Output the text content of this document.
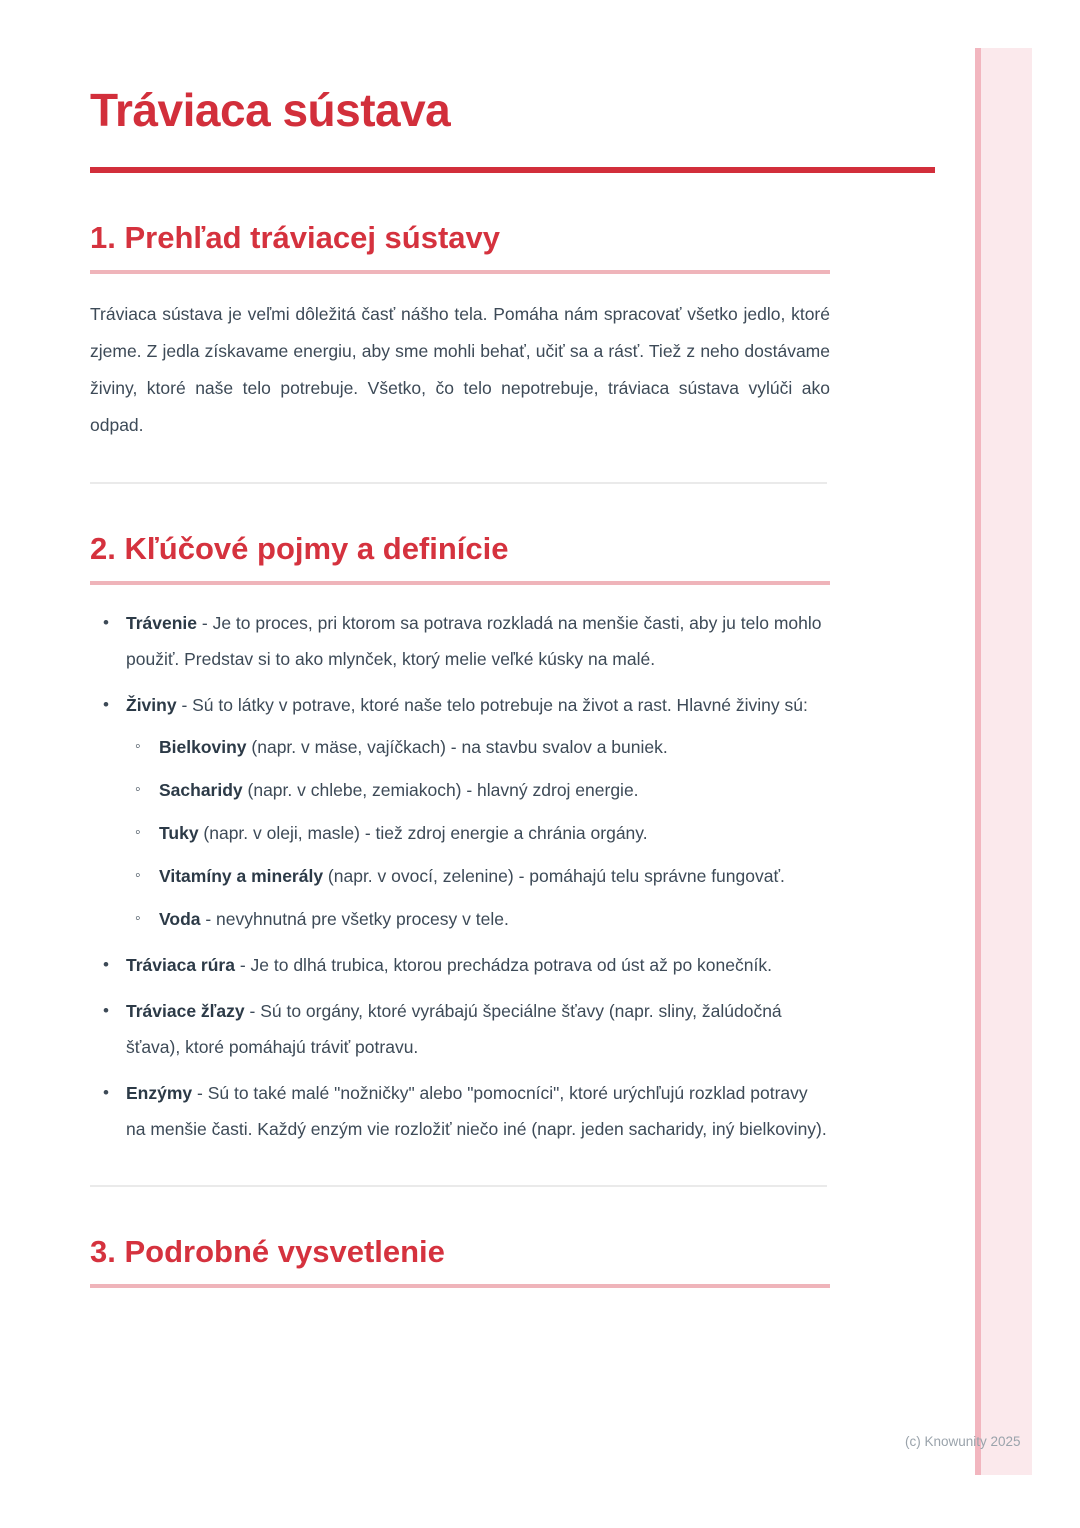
Tráviaca sústava
1. Prehľad tráviacej sústavy

Tráviaca sústava je veľmi dôležitá časť nášho tela. Pomáha nám spracovať všetko jedlo, ktoré zjeme. Z jedla získavame energiu, aby sme mohli behať, učiť sa a rásť. Tiež z neho dostávame živiny, ktoré naše telo potrebuje. Všetko, čo telo nepotrebuje, tráviaca sústava vylúči ako odpad.

2. Kľúčové pojmy a definície
• Trávenie - Je to proces, pri ktorom sa potrava rozkladá na menšie časti, aby ju telo mohlo použiť. Predstav si to ako mlynček, ktorý melie veľké kúsky na malé.
• Živiny - Sú to látky v potrave, ktoré naše telo potrebuje na život a rast. Hlavné živiny sú:
◦ Bielkoviny (napr. v mäse, vajíčkach) - na stavbu svalov a buniek.
◦ Sacharidy (napr. v chlebe, zemiakoch) - hlavný zdroj energie.
◦ Tuky (napr. v oleji, masle) - tiež zdroj energie a chránia orgány.
◦ Vitamíny a minerály (napr. v ovocí, zelenine) - pomáhajú telu správne fungovať.
◦ Voda - nevyhnutná pre všetky procesy v tele.
• Tráviaca rúra - Je to dlhá trubica, ktorou prechádza potrava od úst až po konečník.
• Tráviace žľazy - Sú to orgány, ktoré vyrábajú špeciálne šťavy (napr. sliny, žalúdočná šťava), ktoré pomáhajú tráviť potravu.
• Enzýmy - Sú to také malé "nožničky" alebo "pomocníci", ktoré urýchľujú rozklad potravy na menšie časti. Každý enzým vie rozložiť niečo iné (napr. jeden sacharidy, iný bielkoviny).
3. Podrobné vysvetlenie
(c) Knowunity 2025
